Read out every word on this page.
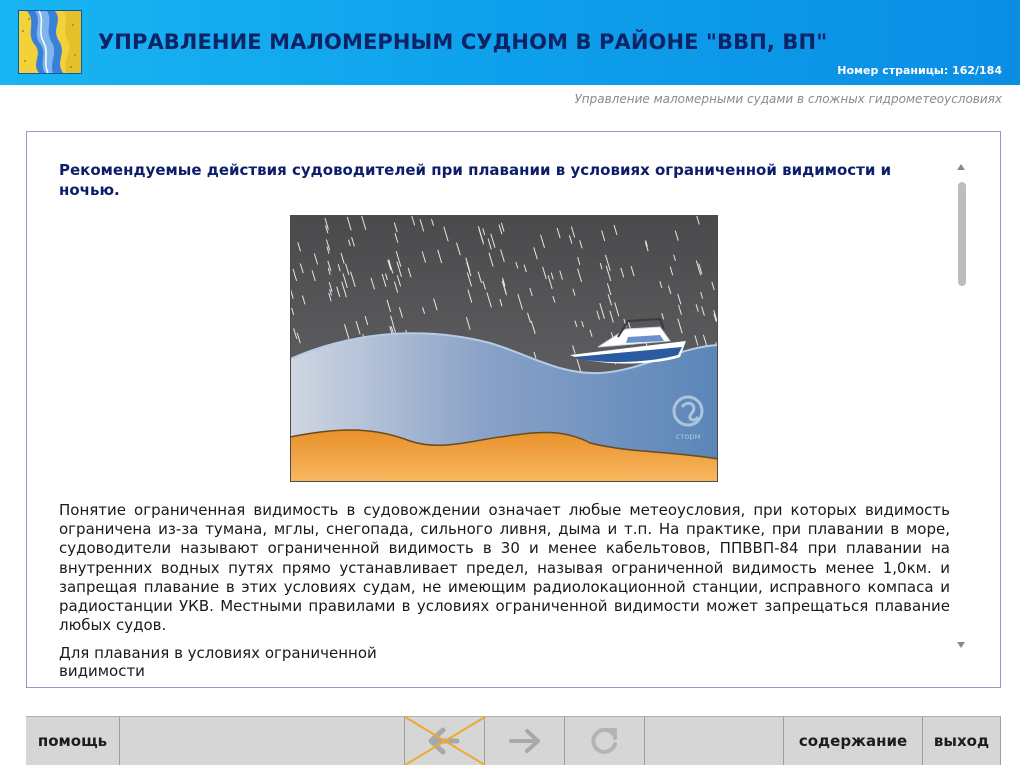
УПРАВЛЕНИЕ МАЛОМЕРНЫМ СУДНОМ В РАЙОНЕ "ВВП, ВП"
Номер страницы: 162/184
Управление маломерными судами в сложных гидрометеоусловиях
Рекомендуемые действия судоводителей при плавании в условиях ограниченной видимости и ночью.
сторм

Понятие ограниченная видимость в судовождении означает любые метеоусловия, при которых видимость ограничена из-за тумана, мглы, снегопада, сильного ливня, дыма и т.п. На практике, при плавании в море, судоводители называют ограниченной видимость в 30 и менее кабельтовов, ППВВП-84 при плавании на внутренних водных путях прямо устанавливает предел, называя ограниченной видимость менее 1,0км. и запрещая плавание в этих условиях судам, не имеющим радиолокационной станции, исправного компаса и радиостанции УКВ. Местными правилами в условиях ограниченной видимости может запрещаться плавание любых судов.

Для плавания в условиях ограниченной видимости
помощь	содержание выход
